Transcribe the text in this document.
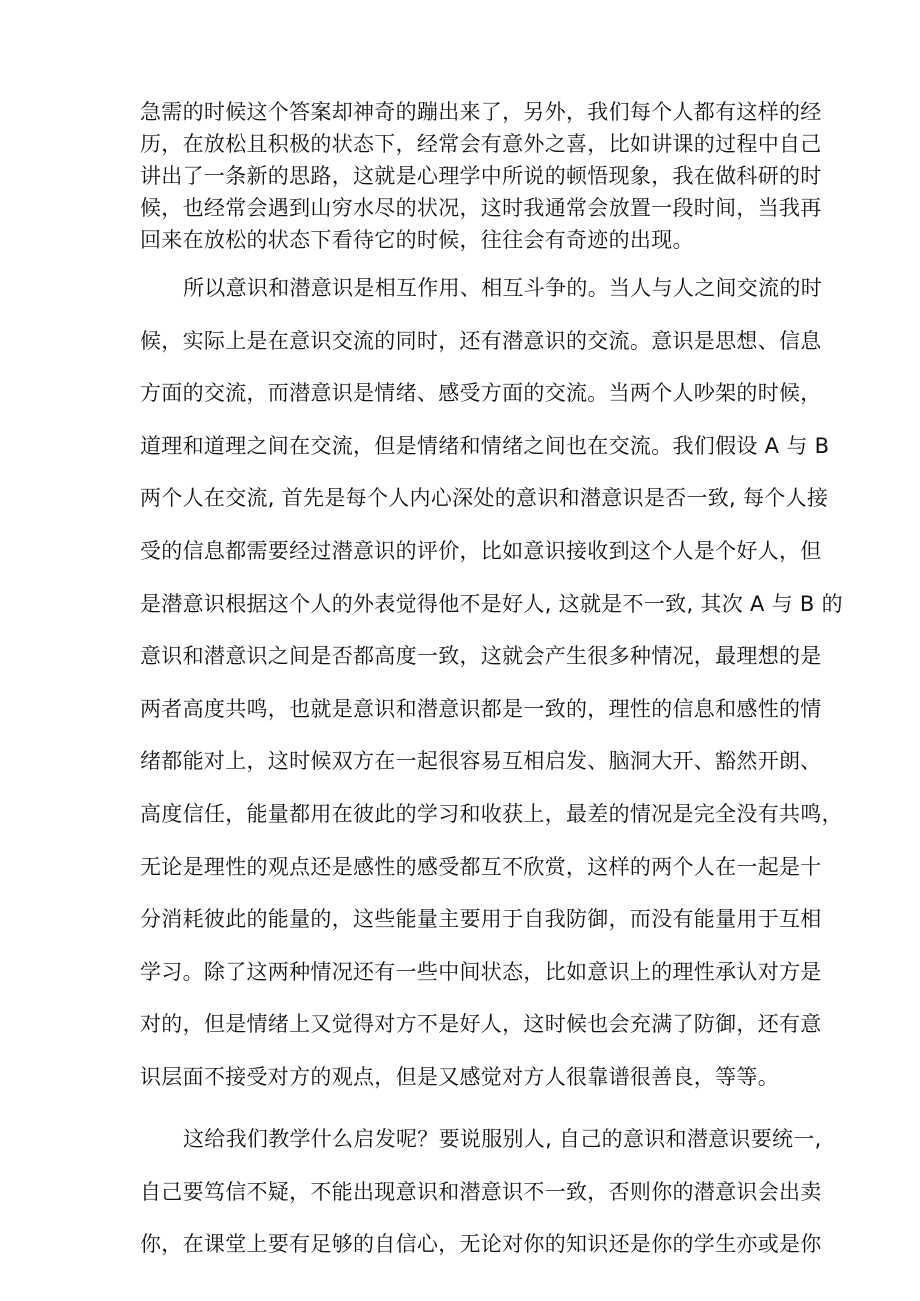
急需的时候这个答案却神奇的蹦出来了，另外，我们每个人都有这样的经
历，在放松且积极的状态下，经常会有意外之喜，比如讲课的过程中自己
讲出了一条新的思路，这就是心理学中所说的顿悟现象，我在做科研的时
候，也经常会遇到山穷水尽的状况，这时我通常会放置一段时间，当我再
回来在放松的状态下看待它的时候，往往会有奇迹的出现。
所以意识和潜意识是相互作用、相互斗争的。当人与人之间交流的时
候，实际上是在意识交流的同时，还有潜意识的交流。意识是思想、信息
方面的交流，而潜意识是情绪、感受方面的交流。当两个人吵架的时候，
道理和道理之间在交流，但是情绪和情绪之间也在交流。我们假设 A 与 B
两个人在交流, 首先是每个人内心深处的意识和潜意识是否一致, 每个人接
受的信息都需要经过潜意识的评价，比如意识接收到这个人是个好人，但
是潜意识根据这个人的外表觉得他不是好人, 这就是不一致, 其次 A 与 B 的
意识和潜意识之间是否都高度一致，这就会产生很多种情况，最理想的是
两者高度共鸣，也就是意识和潜意识都是一致的，理性的信息和感性的情
绪都能对上，这时候双方在一起很容易互相启发、脑洞大开、豁然开朗、
高度信任，能量都用在彼此的学习和收获上，最差的情况是完全没有共鸣，
无论是理性的观点还是感性的感受都互不欣赏，这样的两个人在一起是十
分消耗彼此的能量的，这些能量主要用于自我防御，而没有能量用于互相
学习。除了这两种情况还有一些中间状态，比如意识上的理性承认对方是
对的，但是情绪上又觉得对方不是好人，这时候也会充满了防御，还有意
识层面不接受对方的观点，但是又感觉对方人很靠谱很善良，等等。
这给我们教学什么启发呢？要说服别人, 自己的意识和潜意识要统一,
自己要笃信不疑，不能出现意识和潜意识不一致，否则你的潜意识会出卖
你，在课堂上要有足够的自信心，无论对你的知识还是你的学生亦或是你
